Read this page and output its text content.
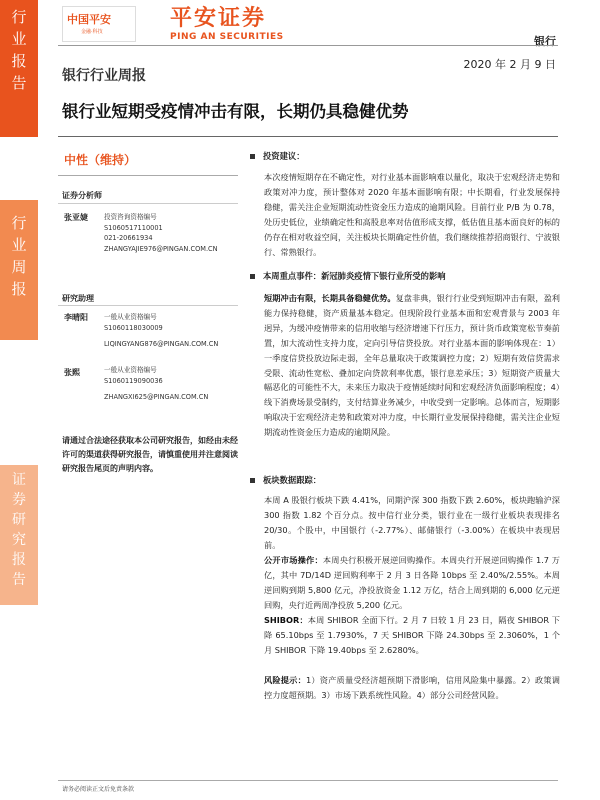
行
业
报
告
行
业
周
报
证
券
研
究
报
告
中国平安
金融·科技
平安证券
PING AN SECURITIES	银行
2020 年 2 月 9 日
银行行业周报
银行业短期受疫情冲击有限，长期仍具稳健优势
中性（维持）
证券分析师
张亚婕 投资咨询资格编号
S1060517110001
021-20661934
ZHANGYAJIE976@PINGAN.COM.CN
研究助理
李晴阳 一般从业资格编号
S1060118030009
LIQINGYANG876@PINGAN.COM.CN
张熙	一般从业资格编号
S1060119090036
ZHANGXI625@PINGAN.COM.CN
请通过合法途径获取本公司研究报告，如经由未经许可的渠道获得研究报告，请慎重使用并注意阅读研究报告尾页的声明内容。
投资建议：
本次疫情短期存在不确定性，对行业基本面影响难以量化，取决于宏观经济走势和政策对冲力度，预计整体对 2020 年基本面影响有限；中长期看，行业发展保持稳健，需关注企业短期流动性资金压力造成的逾期风险。目前行业 P/B 为 0.78，处历史低位，业绩确定性和高股息率对估值形成支撑，低估值且基本面良好的标的仍存在相对收益空间，关注板块长期确定性价值，我们继续推荐招商银行、宁波银行、常熟银行。
本周重点事件：新冠肺炎疫情下银行业所受的影响
短期冲击有限，长期具备稳健优势。复盘非典，银行行业受到短期冲击有限，盈利能力保持稳健，资产质量基本稳定。但现阶段行业基本面和宏观背景与 2003 年迥异，为缓冲疫情带来的信用收缩与经济增速下行压力，预计货币政策宽松节奏前置，加大流动性支持力度，定向引导信贷投放。对行业基本面的影响体现在：1）一季度信贷投放边际走弱，全年总量取决于政策调控力度；2）短期有效信贷需求受限、流动性宽松、叠加定向贷款利率优惠，银行息差承压；3）短期资产质量大幅恶化的可能性不大，未来压力取决于疫情延续时间和宏观经济负面影响程度；4）线下消费场景受制约，支付结算业务减少，中收受到一定影响。总体而言，短期影响取决于宏观经济走势和政策对冲力度，中长期行业发展保持稳健，需关注企业短期流动性资金压力造成的逾期风险。
板块数据跟踪：
本周 A 股银行板块下跌 4.41%，同期沪深 300 指数下跌 2.60%，板块跑输沪深 300 指数 1.82 个百分点。按中信行业分类，银行业在一级行业板块表现排名 20/30。个股中，中国银行（-2.77%）、邮储银行（-3.00%）在板块中表现居前。
公开市场操作：本周央行积极开展逆回购操作。本周央行开展逆回购操作 1.7 万亿，其中 7D/14D 逆回购利率于 2 月 3 日各降 10bps 至 2.40%/2.55%。本周逆回购到期 5,800 亿元，净投放资金 1.12 万亿，结合上周到期的 6,000 亿元逆回购，央行近两周净投放 5,200 亿元。
SHIBOR：本周 SHIBOR 全面下行。2 月 7 日较 1 月 23 日，隔夜 SHIBOR 下降 65.10bps 至 1.7930%，7 天 SHIBOR 下降 24.30bps 至 2.3060%，1 个月 SHIBOR 下降 19.40bps 至 2.6280%。
风险提示：1）资产质量受经济超预期下滑影响，信用风险集中暴露。2）政策调控力度超预期。3）市场下跌系统性风险。4）部分公司经营风险。
请务必阅读正文后免责条款
